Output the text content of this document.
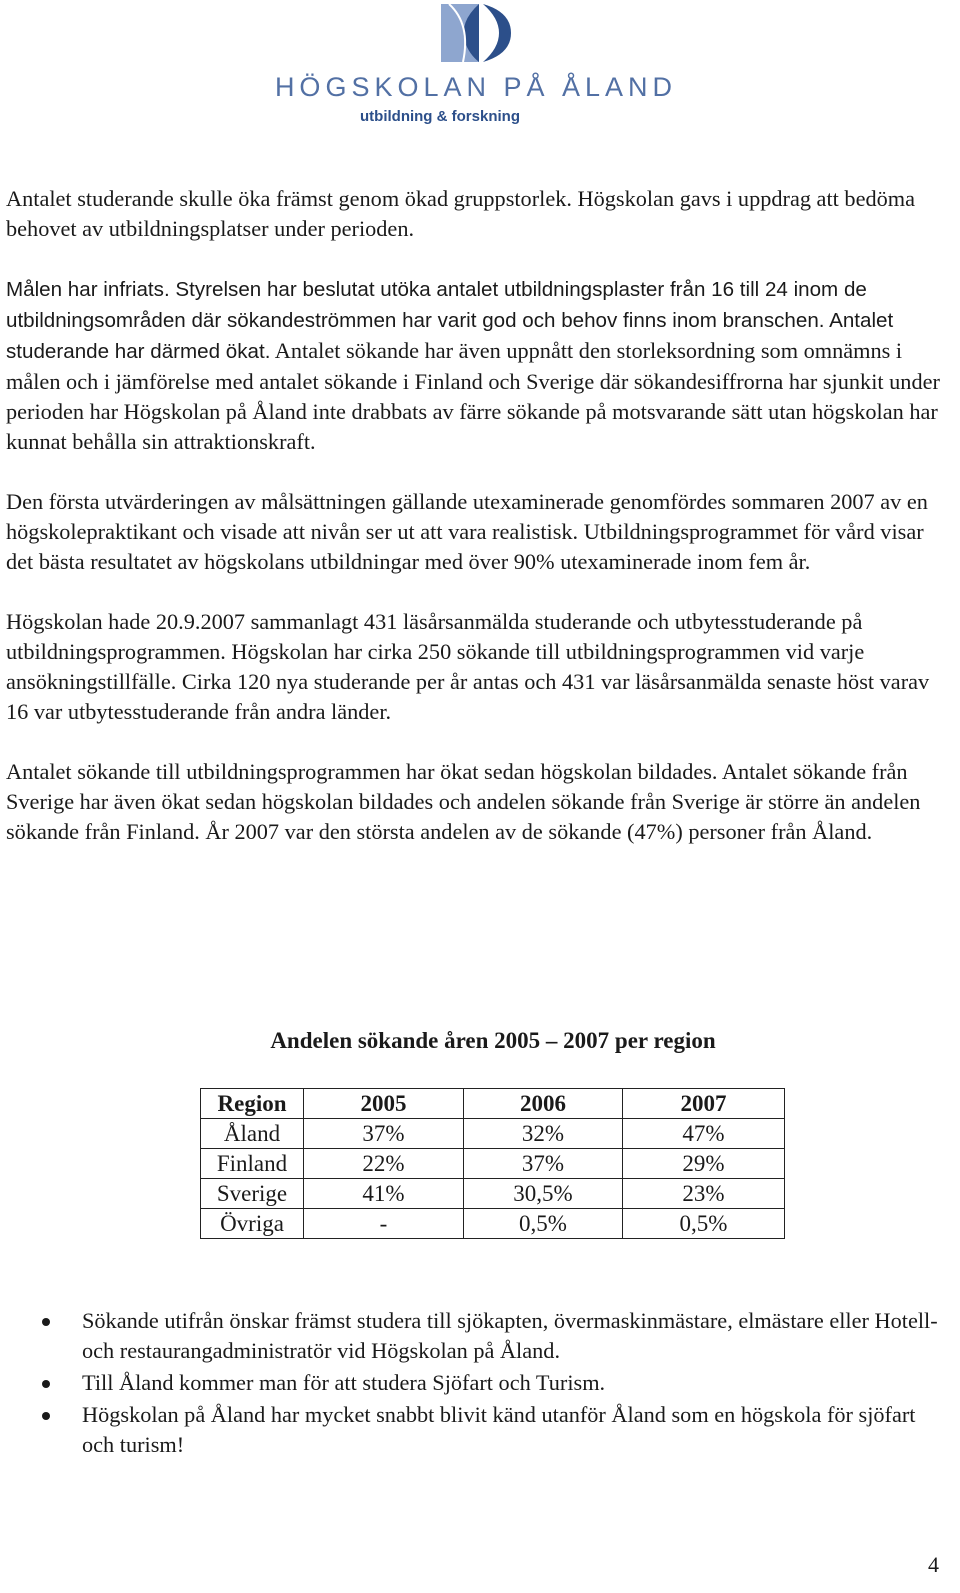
HÖGSKOLAN PÅ ÅLAND
utbildning & forskning

Antalet studerande skulle öka främst genom ökad gruppstorlek. Högskolan gavs i uppdrag att bedöma behovet av utbildningsplatser under perioden.

Målen har infriats. Styrelsen har beslutat utöka antalet utbildningsplaster från 16 till 24 inom de utbildningsområden där sökandeströmmen har varit god och behov finns inom branschen. Antalet studerande har därmed ökat. Antalet sökande har även uppnått den storleksordning som omnämns i målen och i jämförelse med antalet sökande i Finland och Sverige där sökandesiffrorna har sjunkit under perioden har Högskolan på Åland inte drabbats av färre sökande på motsvarande sätt utan högskolan har kunnat behålla sin attraktionskraft.

Den första utvärderingen av målsättningen gällande utexaminerade genomfördes sommaren 2007 av en högskolepraktikant och visade att nivån ser ut att vara realistisk. Utbildningsprogrammet för vård visar det bästa resultatet av högskolans utbildningar med över 90% utexaminerade inom fem år.

Högskolan hade 20.9.2007 sammanlagt 431 läsårsanmälda studerande och utbytesstuderande på utbildningsprogrammen. Högskolan har cirka 250 sökande till utbildningsprogrammen vid varje ansökningstillfälle. Cirka 120 nya studerande per år antas och 431 var läsårsanmälda senaste höst varav 16 var utbytesstuderande från andra länder.

Antalet sökande till utbildningsprogrammen har ökat sedan högskolan bildades. Antalet sökande från Sverige har även ökat sedan högskolan bildades och andelen sökande från Sverige är större än andelen sökande från Finland. År 2007 var den största andelen av de sökande (47%) personer från Åland.

Andelen sökande åren 2005 – 2007 per region
Region	2005	2006	2007
Åland	37%	32%	47%
Finland	22%	37%	29%
Sverige	41%	30,5%	23%
Övriga	-	0,5%	0,5%
Sökande utifrån önskar främst studera till sjökapten, övermaskinmästare, elmästare eller Hotell- och restaurangadministratör vid Högskolan på Åland.
Till Åland kommer man för att studera Sjöfart och Turism.
Högskolan på Åland har mycket snabbt blivit känd utanför Åland som en högskola för sjöfart och turism!
4
